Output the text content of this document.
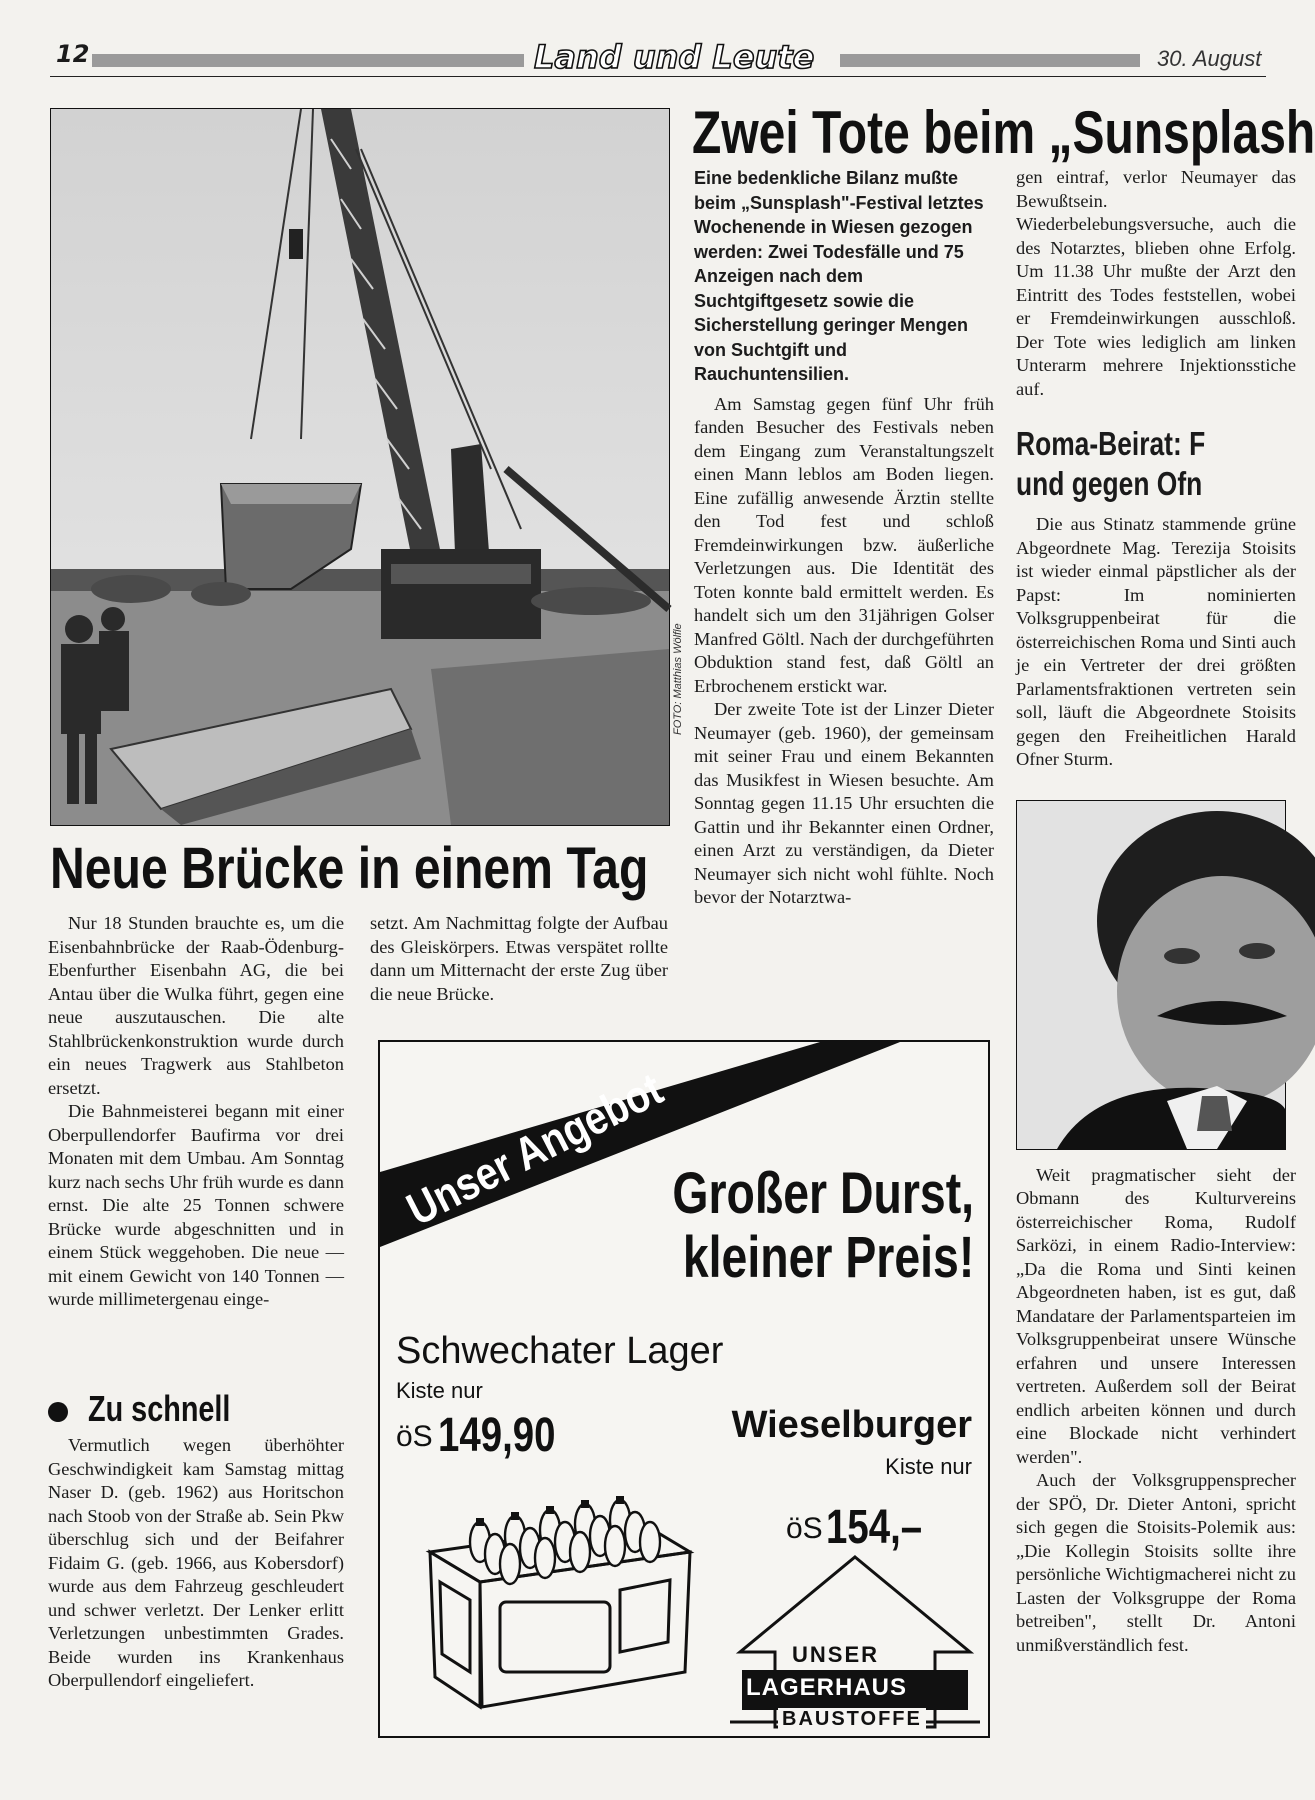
12	Land und Leute	30. August
FOTO: Matthias Wölfle
Neue Brücke in einem Tag

Nur 18 Stunden brauchte es, um die Eisenbahnbrücke der Raab-Ödenburg-Ebenfurther Eisenbahn AG, die bei Antau über die Wulka führt, gegen eine neue auszutauschen. Die alte Stahlbrückenkonstruktion wurde durch ein neues Tragwerk aus Stahlbeton ersetzt.

Die Bahnmeisterei begann mit einer Oberpullendorfer Baufirma vor drei Monaten mit dem Umbau. Am Sonntag kurz nach sechs Uhr früh wurde es dann ernst. Die alte 25 Tonnen schwere Brücke wurde abgeschnitten und in einem Stück weggehoben. Die neue — mit einem Gewicht von 140 Tonnen — wurde millimetergenau einge-

Zu schnell

Vermutlich wegen überhöhter Geschwindigkeit kam Samstag mittag Naser D. (geb. 1962) aus Horitschon nach Stoob von der Straße ab. Sein Pkw überschlug sich und der Beifahrer Fidaim G. (geb. 1966, aus Kobersdorf) wurde aus dem Fahrzeug geschleudert und schwer verletzt. Der Lenker erlitt Verletzungen unbestimmten Grades. Beide wurden ins Krankenhaus Oberpullendorf eingeliefert.

setzt. Am Nachmittag folgte der Aufbau des Gleiskörpers. Etwas verspätet rollte dann um Mitternacht der erste Zug über die neue Brücke.

Zwei Tote beim „Sunsplash
Eine bedenkliche Bilanz mußte beim „Sunsplash"-Festival letztes Wochenende in Wiesen gezogen werden: Zwei Todesfälle und 75 Anzeigen nach dem Suchtgiftgesetz sowie die Sicherstellung geringer Mengen von Suchtgift und Rauchuntensilien.

Am Samstag gegen fünf Uhr früh fanden Besucher des Festivals neben dem Eingang zum Veranstaltungszelt einen Mann leblos am Boden liegen. Eine zufällig anwesende Ärztin stellte den Tod fest und schloß Fremdeinwirkungen bzw. äußerliche Verletzungen aus. Die Identität des Toten konnte bald ermittelt werden. Es handelt sich um den 31jährigen Golser Manfred Göltl. Nach der durchgeführten Obduktion stand fest, daß Göltl an Erbrochenem erstickt war.

Der zweite Tote ist der Linzer Dieter Neumayer (geb. 1960), der gemeinsam mit seiner Frau und einem Bekannten das Musikfest in Wiesen besuchte. Am Sonntag gegen 11.15 Uhr ersuchten die Gattin und ihr Bekannter einen Ordner, einen Arzt zu verständigen, da Dieter Neumayer sich nicht wohl fühlte. Noch bevor der Notarztwa-

gen eintraf, verlor Neumayer das Bewußtsein. Wiederbelebungsversuche, auch die des Notarztes, blieben ohne Erfolg. Um 11.38 Uhr mußte der Arzt den Eintritt des Todes feststellen, wobei er Fremdeinwirkungen ausschloß. Der Tote wies lediglich am linken Unterarm mehrere Injektionsstiche auf.

Roma-Beirat: F
und gegen Ofn

Die aus Stinatz stammende grüne Abgeordnete Mag. Terezija Stoisits ist wieder einmal päpstlicher als der Papst: Im nominierten Volksgruppenbeirat für die österreichischen Roma und Sinti auch je ein Vertreter der drei größten Parlamentsfraktionen vertreten sein soll, läuft die Abgeordnete Stoisits gegen den Freiheitlichen Harald Ofner Sturm.

Weit pragmatischer sieht der Obmann des Kulturvereins österreichischer Roma, Rudolf Sarközi, in einem Radio-Interview: „Da die Roma und Sinti keinen Abgeordneten haben, ist es gut, daß Mandatare der Parlamentsparteien im Volksgruppenbeirat unsere Wünsche erfahren und unsere Interessen vertreten. Außerdem soll der Beirat endlich arbeiten können und durch eine Blockade nicht verhindert werden".

Auch der Volksgruppensprecher der SPÖ, Dr. Dieter Antoni, spricht sich gegen die Stoisits-Polemik aus: „Die Kollegin Stoisits sollte ihre persönliche Wichtigmacherei nicht zu Lasten der Volksgruppe der Roma betreiben", stellt Dr. Antoni unmißverständlich fest.

Unser Angebot Großer Durst,
kleiner Preis!
Schwechater Lager
Kiste nur
öS 149,90	Wieselburger
Kiste nur
öS 154,–
UNSER
LAGERHAUS
BAUSTOFFE
